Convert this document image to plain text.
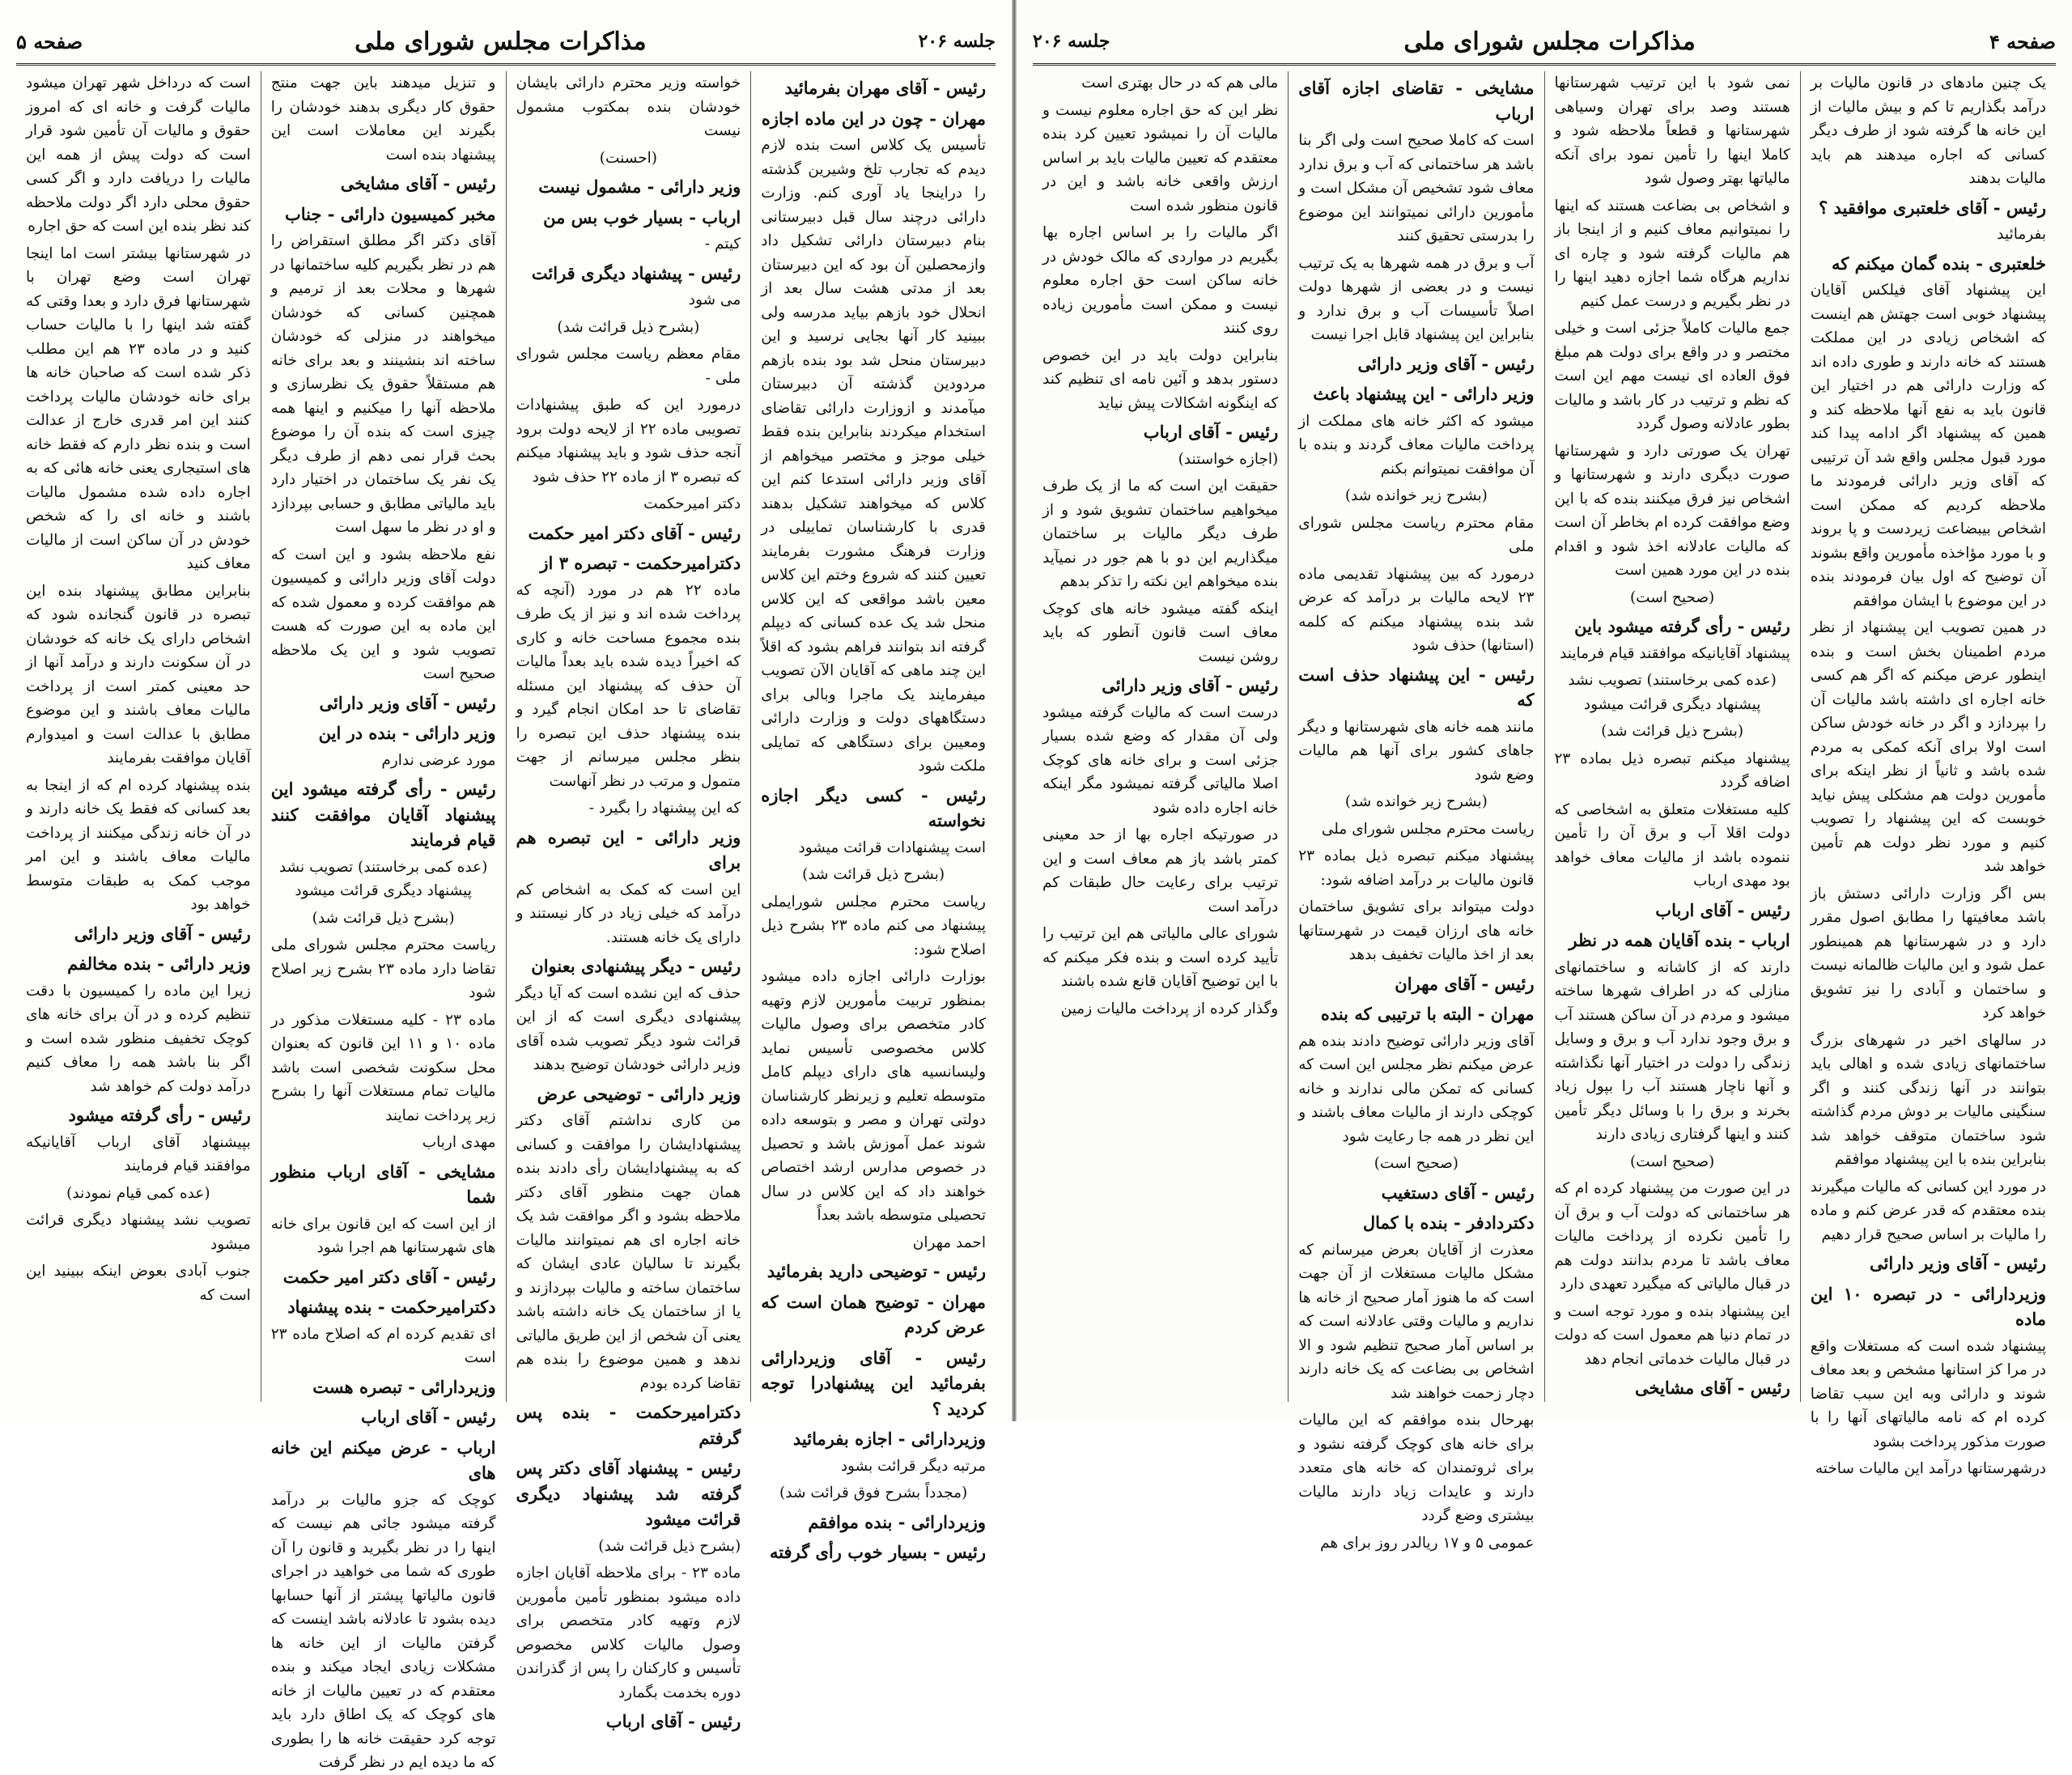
جلسه ۲۰۶
مذاکرات مجلس شورای ملی
صفحه ۵
رئیس - آقای مهران بفرمائید
مهران - چون در این ماده اجازه
تأسیس یک کلاس است بنده لازم دیدم که تجارب تلخ وشیرین گذشته را دراینجا یاد آوری کنم. وزارت دارائی درچند سال قبل دبیرستانی بنام دبیرستان دارائی تشکیل داد وازمحصلین آن بود که این دبیرستان بعد از مدتی هشت سال بعد از انحلال خود بازهم بیاید مدرسه ولی ببینید کار آنها بجایی نرسید و این دبیرستان منحل شد بود بنده بازهم مردودین گذشته آن دبیرستان میآمدند و ازوزارت دارائی تقاضای استخدام میکردند بنابراین بنده فقط خیلی موجز و مختصر میخواهم از آقای وزیر دارائی استدعا کنم این کلاس که میخواهند تشکیل بدهند قدری با کارشناسان تماییلی در وزارت فرهنگ مشورت بفرمایند تعیین کنند که شروع وختم این کلاس معین باشد مواقعی که این کلاس منحل شد یک عده کسانی که دیپلم گرفته اند بتوانند فراهم بشود که اقلاً این چند ماهی که آقایان الآن تصویب میفرمایند یک ماجرا وبالی برای دستگاههای دولت و وزارت دارائی ومعیبن برای دستگاهی که تمایلی ملکت شود
رئیس - کسی دیگر اجازه نخواسته
است پیشنهادات قرائت میشود
(بشرح ذیل قرائت شد)
ریاست محترم مجلس شورایملی پیشنهاد می کنم ماده ۲۳ بشرح ذیل اصلاح شود:
بوزارت دارائی اجازه داده میشود بمنظور تربیت مأمورین لازم وتهیه کادر متخصص برای وصول مالیات کلاس مخصوصی تأسیس نماید ولیسانسیه های دارای دیپلم کامل متوسطه تعلیم و زیرنظر کارشناسان دولتی تهران و مصر و بتوسعه داده شوند عمل آموزش باشد و تحصیل در خصوص مدارس ارشد اختصاص خواهند داد که این کلاس در سال تحصیلی متوسطه باشد بعداً
احمد مهران
رئیس - توضیحی دارید بفرمائید
مهران - توضیح همان است که عرض کردم
رئیس - آقای وزیردارائی بفرمائید این پیشنهادرا توجه کردید ؟
وزیردارائی - اجازه بفرمائید
مرتبه دیگر قرائت بشود
(مجدداً بشرح فوق قرائت شد)
وزیردارائی - بنده موافقم
رئیس - بسیار خوب رأی گرفته
خواسته وزیر محترم دارائی بایشان خودشان بنده بمکتوب مشمول نیست
(احسنت)
وزیر دارائی - مشمول نیست
ارباب - بسیار خوب بس من
کیتم -
رئیس - پیشنهاد دیگری قرائت
می شود
(بشرح ذیل قرائت شد)
مقام معظم ریاست مجلس شورای ملی -
درمورد این که طبق پیشنهادات تصویبی ماده ۲۲ از لایحه دولت برود آنجه حذف شود و باید پیشنهاد میکنم که تبصره ۳ از ماده ۲۲ حذف شود
دکتر امیرحکمت
رئیس - آقای دکتر امیر حکمت
دکترامیرحکمت - تبصره ۳ از
ماده ۲۲ هم در مورد (آنچه که پرداخت شده اند و نیز از یک طرف بنده مجموع مساحت خانه و کاری که اخیراً دیده شده باید بعداً مالیات آن حذف که پیشنهاد این مسئله تقاضای تا حد امکان انجام گیرد و بنده پیشنهاد حذف این تبصره را بنظر مجلس میرسانم از جهت متمول و مرتب در نظر آنهاست
که این پیشنهاد را بگیرد -
وزیر دارائی - این تبصره هم برای
این است که کمک به اشخاص کم درآمد که خیلی زیاد در کار نیستند و دارای یک خانه هستند.
رئیس - دیگر پیشنهادی بعنوان
حذف که این نشده است که آیا دیگر پیشنهادی دیگری است که از این قرائت شود دیگر تصویب شده آقای وزیر دارائی خودشان توضیح بدهند
وزیر دارائی - توضیحی عرض
من کاری نداشتم آقای دکتر پیشنهادایشان را موافقت و کسانی که به پیشنهادایشان رأی دادند بنده همان جهت منظور آقای دکتر ملاحظه بشود و اگر موافقت شد یک خانه اجاره ای هم نمیتوانند مالیات بگیرند تا سالیان عادی ایشان که ساختمان ساخته و مالیات بپردازند و یا از ساختمان یک خانه داشته باشد یعنی آن شخص از این طریق مالیاتی ندهد و همین موضوع را بنده هم تقاضا کرده بودم
دکترامیرحکمت - بنده پس گرفتم
رئیس - پیشنهاد آقای دکتر پس گرفته شد پیشنهاد دیگری قرائت میشود
(بشرح ذیل قرائت شد)
ماده ۲۳ - برای ملاحظه آقایان اجازه داده میشود بمنظور تأمین مأمورین لازم وتهیه کادر متخصص برای وصول مالیات کلاس مخصوص تأسیس و کارکنان را پس از گذراندن دوره بخدمت بگمارد
رئیس - آقای ارباب
و تنزیل میدهند باین جهت منتج حقوق کار دیگری بدهند خودشان را بگیرند این معاملات است این پیشنهاد بنده است
رئیس - آقای مشایخی
مخبر کمیسیون دارائی - جناب
آقای دکتر اگر مطلق استقراض را هم در نظر بگیریم کلیه ساختمانها در شهرها و محلات بعد از ترمیم و همچنین کسانی که خودشان میخواهند در منزلی که خودشان ساخته اند بنشینند و بعد برای خانه هم مستقلاً حقوق یک نظرسازی و ملاحظه آنها را میکنیم و اینها همه چیزی است که بنده آن را موضوع بحث قرار نمی دهم از طرف دیگر یک نفر یک ساختمان در اختیار دارد باید مالیاتی مطابق و حسابی بپردازد و او در نظر ما سهل است
نفع ملاحظه بشود و این است که دولت آقای وزیر دارائی و کمیسیون هم موافقت کرده و معمول شده که این ماده به این صورت که هست تصویب شود و این یک ملاحظه صحیح است
رئیس - آقای وزیر دارائی
وزیر دارائی - بنده در این
مورد عرضی ندارم
رئیس - رأی گرفته میشود این پیشنهاد آقایان موافقت کنند قیام فرمایند
(عده کمی برخاستند) تصویب نشد پیشنهاد دیگری قرائت میشود
(بشرح ذیل قرائت شد)
ریاست محترم مجلس شورای ملی تقاضا دارد ماده ۲۳ بشرح زیر اصلاح شود
ماده ۲۳ - کلیه مستغلات مذکور در ماده ۱۰ و ۱۱ این قانون که بعنوان محل سکونت شخصی است باشد مالیات تمام مستغلات آنها را بشرح زیر پرداخت نمایند
مهدی ارباب
مشایخی - آقای ارباب منظور شما
از این است که این قانون برای خانه های شهرستانها هم اجرا شود
رئیس - آقای دکتر امیر حکمت
دکترامیرحکمت - بنده پیشنهاد
ای تقدیم کرده ام که اصلاح ماده ۲۳ است
وزیردارائی - تبصره هست
رئیس - آقای ارباب
ارباب - عرض میکنم این خانه های
کوچک که جزو مالیات بر درآمد گرفته میشود جائی هم نیست که اینها را در نظر بگیرید و قانون را آن طوری که شما می خواهید در اجرای قانون مالیاتها پیشتر از آنها حسابها دیده بشود تا عادلانه باشد اینست که گرفتن مالیات از این خانه ها مشکلات زیادی ایجاد میکند و بنده معتقدم که در تعیین مالیات از خانه های کوچک که یک اطاق دارد باید توجه کرد حقیقت خانه ها را بطوری که ما دیده ایم در نظر گرفت
است که درداخل شهر تهران میشود مالیات گرفت و خانه ای که امروز حقوق و مالیات آن تأمین شود قرار است که دولت پیش از همه این مالیات را دریافت دارد و اگر کسی حقوق محلی دارد اگر دولت ملاحظه کند نظر بنده این است که حق اجاره
در شهرستانها بیشتر است اما اینجا تهران است وضع تهران با شهرستانها فرق دارد و بعدا وقتی که گفته شد اینها را با مالیات حساب کنید و در ماده ۲۳ هم این مطلب ذکر شده است که صاحبان خانه ها برای خانه خودشان مالیات پرداخت کنند این امر قدری خارج از عدالت است و بنده نظر دارم که فقط خانه های استیجاری یعنی خانه هائی که به اجاره داده شده مشمول مالیات باشند و خانه ای را که شخص خودش در آن ساکن است از مالیات معاف کنید
بنابراین مطابق پیشنهاد بنده این تبصره در قانون گنجانده شود که اشخاص دارای یک خانه که خودشان در آن سکونت دارند و درآمد آنها از حد معینی کمتر است از پرداخت مالیات معاف باشند و این موضوع مطابق با عدالت است و امیدوارم آقایان موافقت بفرمایند
بنده پیشنهاد کرده ام که از اینجا به بعد کسانی که فقط یک خانه دارند و در آن خانه زندگی میکنند از پرداخت مالیات معاف باشند و این امر موجب کمک به طبقات متوسط خواهد بود
رئیس - آقای وزیر دارائی
وزیر دارائی - بنده مخالفم
زیرا این ماده را کمیسیون با دقت تنظیم کرده و در آن برای خانه های کوچک تخفیف منظور شده است و اگر بنا باشد همه را معاف کنیم درآمد دولت کم خواهد شد
رئیس - رأی گرفته میشود
بپیشنهاد آقای ارباب آقایانیکه موافقند قیام فرمایند
(عده کمی قیام نمودند)
تصویب نشد پیشنهاد دیگری قرائت میشود
جنوب آبادی بعوض اینکه ببینید این است که
صفحه ۴
مذاکرات مجلس شورای ملی
جلسه ۲۰۶
یک چنین مادهای در قانون مالیات بر درآمد بگذاریم تا کم و بیش مالیات از این خانه ها گرفته شود از طرف دیگر کسانی که اجاره میدهند هم باید مالیات بدهند
رئیس - آقای خلعتبری موافقید ؟
بفرمائید
خلعتبری - بنده گمان میکنم که
این پیشنهاد آقای فیلکس آقایان پیشنهاد خوبی است جهتش هم اینست که اشخاص زیادی در این مملکت هستند که خانه دارند و طوری داده اند که وزارت دارائی هم در اختیار این قانون باید به نفع آنها ملاحظه کند و همین که پیشنهاد اگر ادامه پیدا کند مورد قبول مجلس واقع شد آن ترتیبی که آقای وزیر دارائی فرمودند ما ملاحظه کردیم که ممکن است اشخاص بیبضاعت زیردست و پا بروند و با مورد مؤاخذه مأمورین واقع بشوند آن توضیح که اول بیان فرمودند بنده در این موضوع با ایشان موافقم
در همین تصویب این پیشنهاد از نظر مردم اطمینان بخش است و بنده اینطور عرض میکنم که اگر هم کسی خانه اجاره ای داشته باشد مالیات آن را بپردازد و اگر در خانه خودش ساکن است اولا برای آنکه کمکی به مردم شده باشد و ثانیاً از نظر اینکه برای مأمورین دولت هم مشکلی پیش نیاید خوبست که این پیشنهاد را تصویب کنیم و مورد نظر دولت هم تأمین خواهد شد
بس اگر وزارت دارائی دستش باز باشد معافیتها را مطابق اصول مقرر دارد و در شهرستانها هم همینطور عمل شود و این مالیات ظالمانه نیست و ساختمان و آبادی را نیز تشویق خواهد کرد
در سالهای اخیر در شهرهای بزرگ ساختمانهای زیادی شده و اهالی باید بتوانند در آنها زندگی کنند و اگر سنگینی مالیات بر دوش مردم گذاشته شود ساختمان متوقف خواهد شد بنابراین بنده با این پیشنهاد موافقم
در مورد این کسانی که مالیات میگیرند بنده معتقدم که قدر عرض کنم و ماده را مالیات بر اساس صحیح قرار دهیم
رئیس - آقای وزیر دارائی
وزیردارائی - در تبصره ۱۰ این ماده
پیشنهاد شده است که مستغلات واقع در مرا کز استانها مشخص و بعد معاف شوند و دارائی وبه این سبب تقاضا کرده ام که نامه مالیاتهای آنها را با صورت مذکور پرداخت بشود
درشهرستانها درآمد این مالیات ساخته
نمی شود با این ترتیب شهرستانها هستند وصد برای تهران وسیاهی شهرستانها و قطعاً ملاحظه شود و کاملا اینها را تأمین نمود برای آنکه مالیاتها بهتر وصول شود
و اشخاص بی بضاعت هستند که اینها را نمیتوانیم معاف کنیم و از اینجا باز هم مالیات گرفته شود و چاره ای نداریم هرگاه شما اجازه دهید اینها را در نظر بگیریم و درست عمل کنیم
جمع مالیات کاملاً جزئی است و خیلی مختصر و در واقع برای دولت هم مبلغ فوق العاده ای نیست مهم این است که نظم و ترتیب در کار باشد و مالیات بطور عادلانه وصول گردد
تهران یک صورتی دارد و شهرستانها صورت دیگری دارند و شهرستانها و اشخاص نیز فرق میکنند بنده که با این وضع موافقت کرده ام بخاطر آن است که مالیات عادلانه اخذ شود و اقدام بنده در این مورد همین است
(صحیح است)
رئیس - رأی گرفته میشود باین
پیشنهاد آقایانیکه موافقند قیام فرمایند
(عده کمی برخاستند) تصویب نشد پیشنهاد دیگری قرائت میشود
(بشرح ذیل قرائت شد)
پیشنهاد میکنم تبصره ذیل بماده ۲۳ اضافه گردد
کلیه مستغلات متعلق به اشخاصی که دولت اقلا آب و برق آن را تأمین ننموده باشد از مالیات معاف خواهد بود مهدی ارباب
رئیس - آقای ارباب
ارباب - بنده آقایان همه در نظر
دارند که از کاشانه و ساختمانهای منازلی که در اطراف شهرها ساخته میشود و مردم در آن ساکن هستند آب و برق وجود ندارد آب و برق و وسایل زندگی را دولت در اختیار آنها نگذاشته و آنها ناچار هستند آب را بپول زیاد بخرند و برق را با وسائل دیگر تأمین کنند و اینها گرفتاری زیادی دارند
(صحیح است)
در این صورت من پیشنهاد کرده ام که هر ساختمانی که دولت آب و برق آن را تأمین نکرده از پرداخت مالیات معاف باشد تا مردم بدانند دولت هم در قبال مالیاتی که میگیرد تعهدی دارد
این پیشنهاد بنده و مورد توجه است و در تمام دنیا هم معمول است که دولت در قبال مالیات خدماتی انجام دهد
رئیس - آقای مشایخی
مشایخی - تقاضای اجازه آقای ارباب
است که کاملا صحیح است ولی اگر بنا باشد هر ساختمانی که آب و برق ندارد معاف شود تشخیص آن مشکل است و مأمورین دارائی نمیتوانند این موضوع را بدرستی تحقیق کنند
آب و برق در همه شهرها به یک ترتیب نیست و در بعضی از شهرها دولت اصلاً تأسیسات آب و برق ندارد و بنابراین این پیشنهاد قابل اجرا نیست
رئیس - آقای وزیر دارائی
وزیر دارائی - این پیشنهاد باعث
میشود که اکثر خانه های مملکت از پرداخت مالیات معاف گردند و بنده با آن موافقت نمیتوانم بکنم
(بشرح زیر خوانده شد)
مقام محترم ریاست مجلس شورای ملی
درمورد که بین پیشنهاد تقدیمی ماده ۲۳ لایحه مالیات بر درآمد که عرض شد بنده پیشنهاد میکنم که کلمه (استانها) حذف شود
رئیس - این پیشنهاد حذف است که
مانند همه خانه های شهرستانها و دیگر جاهای کشور برای آنها هم مالیات وضع شود
(بشرح زیر خوانده شد)
ریاست محترم مجلس شورای ملی
پیشنهاد میکنم تبصره ذیل بماده ۲۳ قانون مالیات بر درآمد اضافه شود:
دولت میتواند برای تشویق ساختمان خانه های ارزان قیمت در شهرستانها بعد از اخذ مالیات تخفیف بدهد
رئیس - آقای مهران
مهران - البته با ترتیبی که بنده
آقای وزیر دارائی توضیح دادند بنده هم عرض میکنم نظر مجلس این است که کسانی که تمکن مالی ندارند و خانه کوچکی دارند از مالیات معاف باشند و این نظر در همه جا رعایت شود
(صحیح است)
رئیس - آقای دستغیب
دکتردادفر - بنده با کمال
معذرت از آقایان بعرض میرسانم که مشکل مالیات مستغلات از آن جهت است که ما هنوز آمار صحیح از خانه ها نداریم و مالیات وقتی عادلانه است که بر اساس آمار صحیح تنظیم شود و الا اشخاص بی بضاعت که یک خانه دارند دچار زحمت خواهند شد
بهرحال بنده موافقم که این مالیات برای خانه های کوچک گرفته نشود و برای ثروتمندان که خانه های متعدد دارند و عایدات زیاد دارند مالیات بیشتری وضع گردد
عمومی ۵ و ۱۷ ریالدر روز برای هم
مالی هم که در حال بهتری است
نظر این که حق اجاره معلوم نیست و مالیات آن را نمیشود تعیین کرد بنده معتقدم که تعیین مالیات باید بر اساس ارزش واقعی خانه باشد و این در قانون منظور شده است
اگر مالیات را بر اساس اجاره بها بگیریم در مواردی که مالک خودش در خانه ساکن است حق اجاره معلوم نیست و ممکن است مأمورین زیاده روی کنند
بنابراین دولت باید در این خصوص دستور بدهد و آئین نامه ای تنظیم کند که اینگونه اشکالات پیش نیاید
رئیس - آقای ارباب
(اجازه خواستند)
حقیقت این است که ما از یک طرف میخواهیم ساختمان تشویق شود و از طرف دیگر مالیات بر ساختمان میگذاریم این دو با هم جور در نمیآید بنده میخواهم این نکته را تذکر بدهم
اینکه گفته میشود خانه های کوچک معاف است قانون آنطور که باید روشن نیست
رئیس - آقای وزیر دارائی
درست است که مالیات گرفته میشود ولی آن مقدار که وضع شده بسیار جزئی است و برای خانه های کوچک اصلا مالیاتی گرفته نمیشود مگر اینکه خانه اجاره داده شود
در صورتیکه اجاره بها از حد معینی کمتر باشد باز هم معاف است و این ترتیب برای رعایت حال طبقات کم درآمد است
شورای عالی مالیاتی هم این ترتیب را تأیید کرده است و بنده فکر میکنم که با این توضیح آقایان قانع شده باشند
وگذار کرده از پرداخت مالیات زمین
